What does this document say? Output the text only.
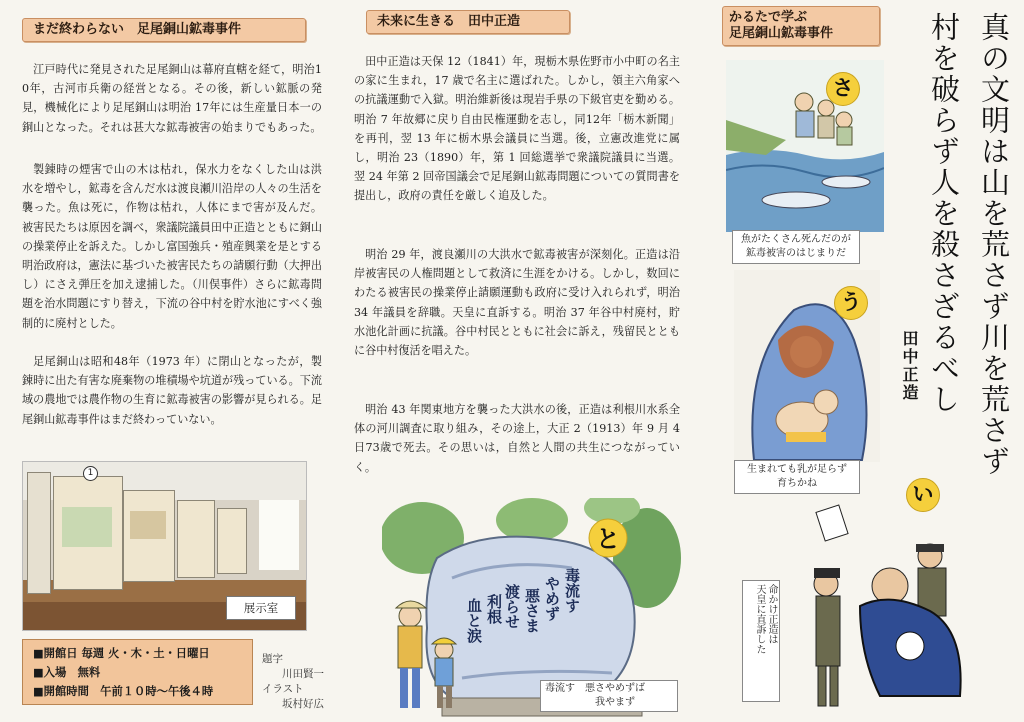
まだ終わらない　足尾銅山鉱毒事件

江戸時代に発見された足尾銅山は幕府直轄を経て，明治10年，古河市兵衛の経営となる。その後，新しい鉱脈の発見，機械化により足尾銅山は明治 17年には生産量日本一の銅山となった。それは甚大な鉱毒被害の始まりでもあった。

製錬時の煙害で山の木は枯れ，保水力をなくした山は洪水を増やし，鉱毒を含んだ水は渡良瀬川沿岸の人々の生活を襲った。魚は死に，作物は枯れ，人体にまで害が及んだ。被害民たちは原因を調べ，衆議院議員田中正造とともに銅山の操業停止を訴えた。しかし富国強兵・殖産興業を是とする明治政府は，憲法に基づいた被害民たちの請願行動（大押出し）にさえ弾圧を加え逮捕した。（川俣事件）さらに鉱毒問題を治水問題にすり替え，下流の谷中村を貯水池にすべく強制的に廃村とした。

足尾銅山は昭和48年（1973 年）に閉山となったが，製錬時に出た有害な廃棄物の堆積場や坑道が残っている。下流域の農地では農作物の生育に鉱毒被害の影響が見られる。足尾銅山鉱毒事件はまだ終わっていない。

1
展示室
■開館日 毎週 火・木・土・日曜日
■入場　無料
■開館時間　午前１０時〜午後４時
題字
川田賢一
イラスト
坂村好広
未来に生きる　田中正造

田中正造は天保 12（1841）年，現栃木県佐野市小中町の名主の家に生まれ，17 歳で名主に選ばれた。しかし，領主六角家への抗議運動で入獄。明治維新後は現岩手県の下級官吏を勤める。明治 7 年故郷に戻り自由民権運動を志し，同12年「栃木新聞」を再刊，翌 13 年に栃木県会議員に当選。後，立憲改進党に属し，明治 23（1890）年，第 1 回総選挙で衆議院議員に当選。翌 24 年第 2 回帝国議会で足尾銅山鉱毒問題についての質問書を提出し，政府の責任を厳しく追及した。

明治 29 年，渡良瀬川の大洪水で鉱毒被害が深刻化。正造は沿岸被害民の人権問題として救済に生涯をかける。しかし，数回にわたる被害民の操業停止請願運動も政府に受け入れられず，明治 34 年議員を辞職。天皇に直訴する。明治 37 年谷中村廃村，貯水池化計画に抗議。谷中村民とともに社会に訴え，残留民とともに谷中村復活を唱えた。

明治 43 年関東地方を襲った大洪水の後，正造は利根川水系全体の河川調査に取り組み，その途上，大正 2（1913）年 9 月 4 日73歳で死去。その思いは，自然と人間の共生につながっていく。

毒流す
やめず
悪さま
渡らせ
利根
血と涙
と
毒流す　悪さやめずば
　　　　　我やまず
かるたで学ぶ
足尾銅山鉱毒事件
さ
魚がたくさん死んだのが
鉱毒被害のはじまりだ
う
生まれても乳が足らず
育ちかね	い
命かけ正造は
天皇に直訴した
真の文明は山を荒さず川を荒さず
村を破らず人を殺さざるべし
田中正造
